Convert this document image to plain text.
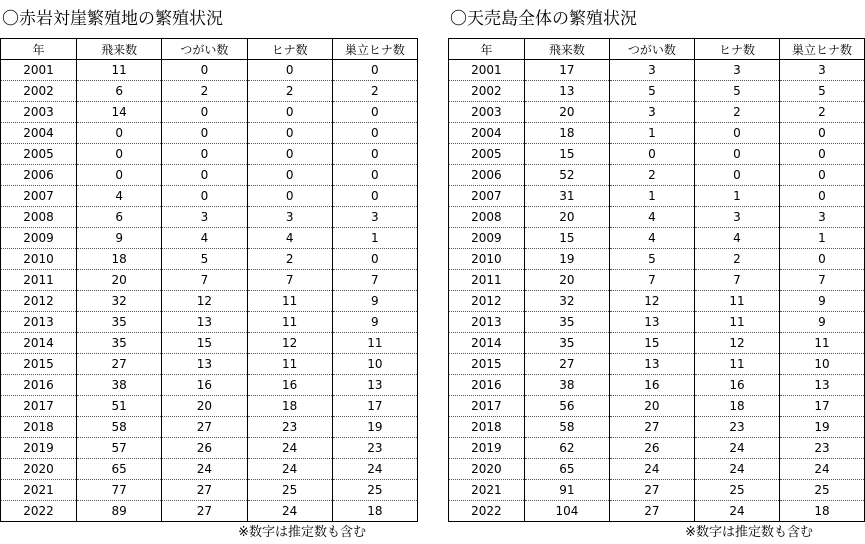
〇赤岩対崖繁殖地の繁殖状況
年	飛来数	つがい数	ヒナ数	巣立ヒナ数
2001	11	0	0	0
2002	6	2	2	2
2003	14	0	0	0
2004	0	0	0	0
2005	0	0	0	0
2006	0	0	0	0
2007	4	0	0	0
2008	6	3	3	3
2009	9	4	4	1
2010	18	5	2	0
2011	20	7	7	7
2012	32	12	11	9
2013	35	13	11	9
2014	35	15	12	11
2015	27	13	11	10
2016	38	16	16	13
2017	51	20	18	17
2018	58	27	23	19
2019	57	26	24	23
2020	65	24	24	24
2021	77	27	25	25
2022	89	27	24	18
※数字は推定数も含む
〇天売島全体の繁殖状況
年	飛来数	つがい数	ヒナ数	巣立ヒナ数
2001	17	3	3	3
2002	13	5	5	5
2003	20	3	2	2
2004	18	1	0	0
2005	15	0	0	0
2006	52	2	0	0
2007	31	1	1	0
2008	20	4	3	3
2009	15	4	4	1
2010	19	5	2	0
2011	20	7	7	7
2012	32	12	11	9
2013	35	13	11	9
2014	35	15	12	11
2015	27	13	11	10
2016	38	16	16	13
2017	56	20	18	17
2018	58	27	23	19
2019	62	26	24	23
2020	65	24	24	24
2021	91	27	25	25
2022	104	27	24	18
※数字は推定数も含む
